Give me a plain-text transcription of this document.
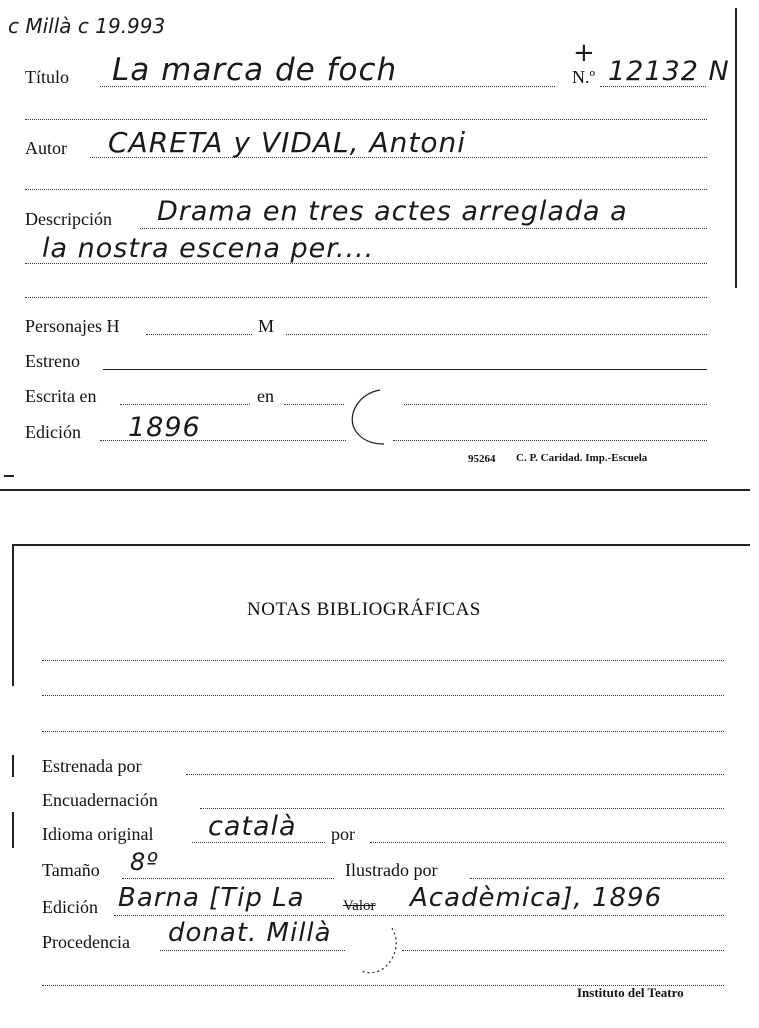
c Millà c 19.993
Título La marca de foch	+
N.º 12132 N
Autor CARETA y VIDAL, Antoni
Descripción Drama en tres actes arreglada a
la nostra escena per....
Personajes H	M
Estreno
Escrita en	en
Edición 1896
95264 C. P. Caridad. Imp.-Escuela
NOTAS BIBLIOGRÁFICAS
Estrenada por
Encuadernación
Idioma original català por
Tamaño 8º	Ilustrado por
Edición Barna [Tip La	Valor Acadèmica], 1896
Procedencia donat. Millà
Instituto del Teatro
